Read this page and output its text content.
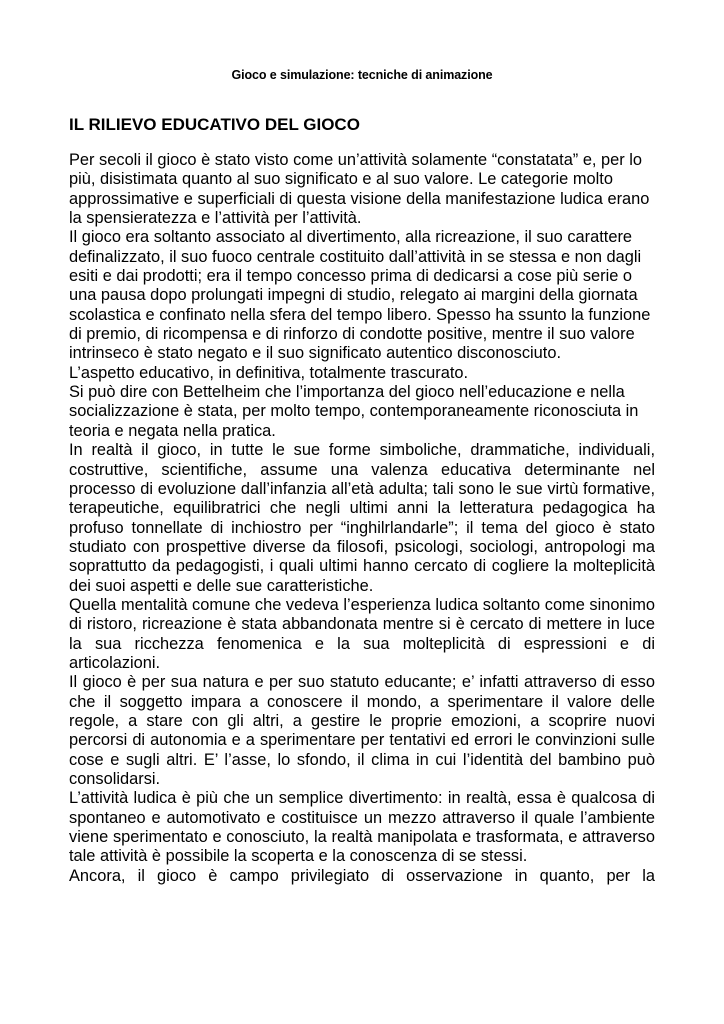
Gioco e simulazione: tecniche di animazione
IL RILIEVO EDUCATIVO DEL GIOCO

Per secoli il gioco è stato visto come un’attività solamente “constatata” e, per lo più, disistimata quanto al suo significato e al suo valore. Le categorie molto approssimative e superficiali di questa visione della manifestazione ludica erano la spensieratezza e l’attività per l’attività.

Il gioco era soltanto associato al divertimento, alla ricreazione, il suo carattere definalizzato, il suo fuoco centrale costituito dall’attività in se stessa e non dagli esiti e dai prodotti; era il tempo concesso prima di dedicarsi a cose più serie o una pausa dopo prolungati impegni di studio, relegato ai margini della giornata scolastica e confinato nella sfera del tempo libero. Spesso ha ssunto la funzione di premio, di ricompensa e di rinforzo di condotte positive, mentre il suo valore intrinseco è stato negato e il suo significato autentico disconosciuto.

L’aspetto educativo, in definitiva, totalmente trascurato.

Si può dire con Bettelheim che l’importanza del gioco nell’educazione e nella socializzazione è stata, per molto tempo, contemporaneamente riconosciuta in teoria e negata nella pratica.

In realtà il gioco, in tutte le sue forme simboliche, drammatiche, individuali, costruttive, scientifiche, assume una valenza educativa determinante nel processo di evoluzione dall’infanzia all’età adulta; tali sono le sue virtù formative, terapeutiche, equilibratrici che negli ultimi anni la letteratura pedagogica ha profuso tonnellate di inchiostro per “inghilrlandarle”; il tema del gioco è stato studiato con prospettive diverse da filosofi, psicologi, sociologi, antropologi ma soprattutto da pedagogisti, i quali ultimi hanno cercato di cogliere la molteplicità dei suoi aspetti e delle sue caratteristiche.

Quella mentalità comune che vedeva l’esperienza ludica soltanto come sinonimo di ristoro, ricreazione è stata abbandonata mentre si è cercato di mettere in luce la sua ricchezza fenomenica e la sua molteplicità di espressioni e di articolazioni.

Il gioco è per sua natura e per suo statuto educante; e’ infatti attraverso di esso che il soggetto impara a conoscere il mondo, a sperimentare il valore delle regole, a stare con gli altri, a gestire le proprie emozioni, a scoprire nuovi percorsi di autonomia e a sperimentare per tentativi ed errori le convinzioni sulle cose e sugli altri. E’ l’asse, lo sfondo, il clima in cui l’identità del bambino può consolidarsi.

L’attività ludica è più che un semplice divertimento: in realtà, essa è qualcosa di spontaneo e automotivato e costituisce un mezzo attraverso il quale l’ambiente viene sperimentato e conosciuto, la realtà manipolata e trasformata, e attraverso tale attività è possibile la scoperta e la conoscenza di se stessi.

Ancora, il gioco è campo privilegiato di osservazione in quanto, per la
